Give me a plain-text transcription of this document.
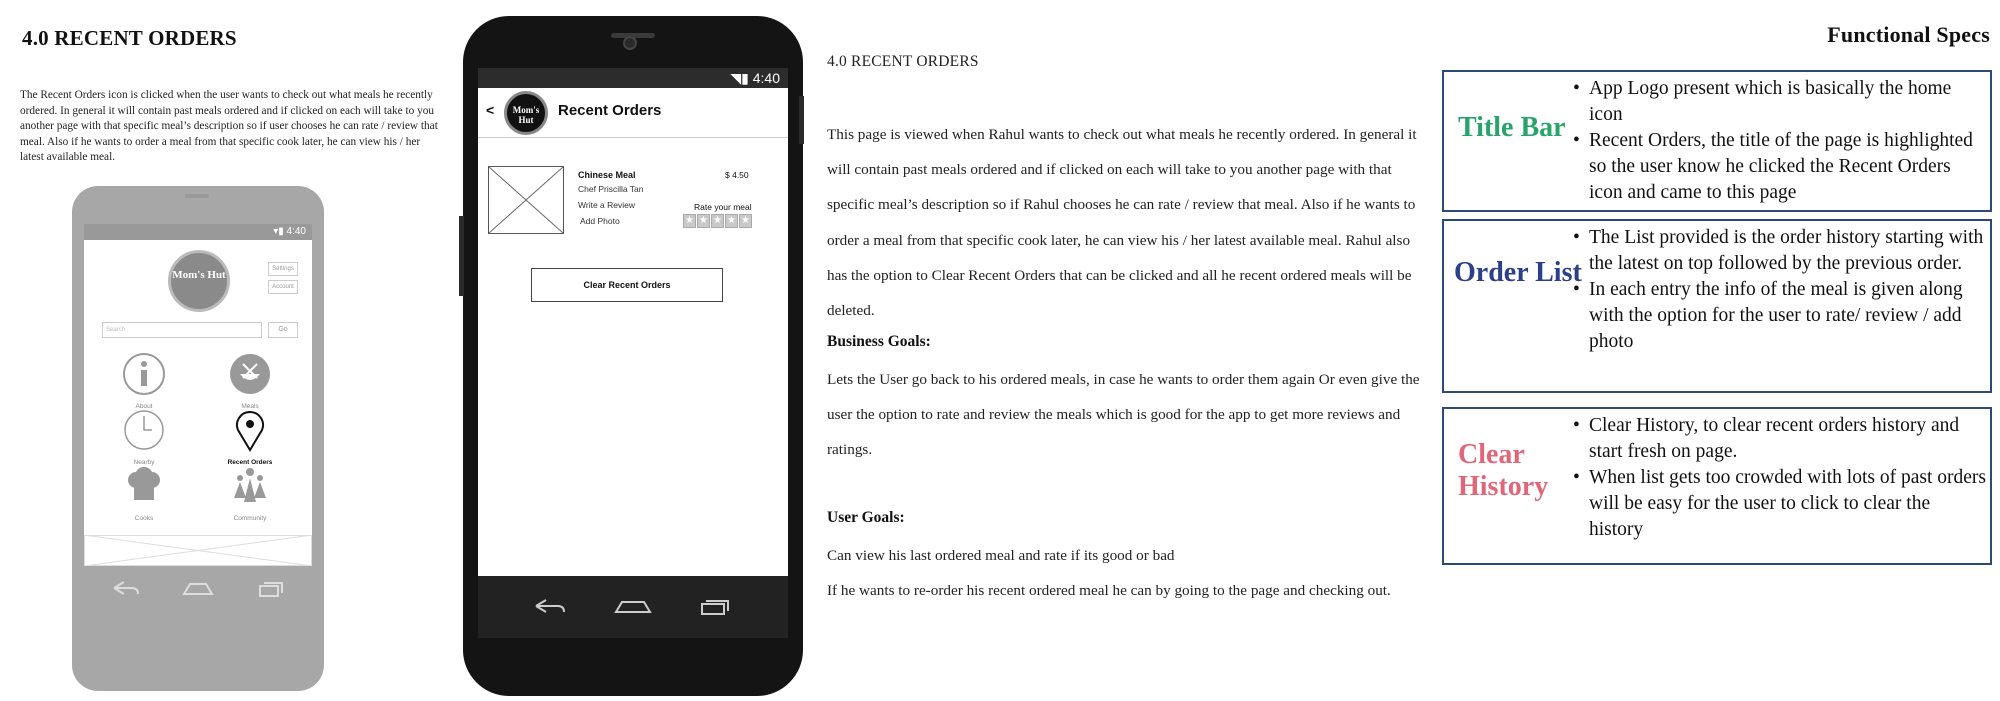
4.0 RECENT ORDERS
The Recent Orders icon is clicked when the user wants to check out what meals he recently ordered. In general it will contain past meals ordered and if clicked on each will take to you another page with that specific meal’s description so if user chooses he can rate / review that meal. Also if he wants to order a meal from that specific cook later, he can view his / her latest available meal.
▾▮ 4:40
Mom's Hut	Settings
Account
Search	Go
About	Meals
Nearby	Recent Orders
Cooks	Community
◥▮ 4:40
<	Mom's Hut
Recent Orders
Chinese Meal
Chef Priscilla Tan
Write a Review
Add Photo
$ 4.50
Rate your meal
★ ★ ★ ★ ★
Clear Recent Orders
4.0 RECENT ORDERS
This page is viewed when Rahul wants to check out what meals he recently ordered. In general it will contain past meals ordered and if clicked on each will take to you another page with that specific meal’s description so if Rahul chooses he can rate / review that meal. Also if he wants to order a meal from that specific cook later, he can view his / her latest available meal. Rahul also has the option to Clear Recent Orders that can be clicked and all he recent ordered meals will be deleted.
Business Goals:
Lets the User go back to his ordered meals, in case he wants to order them again Or even give the user the option to rate and review the meals which is good for the app to get more reviews and ratings.
User Goals:
Can view his last ordered meal and rate if its good or bad
If he wants to re-order his recent ordered meal he can by going to the page and checking out.
Functional Specs
Title Bar
• App Logo present which is basically the home icon
• Recent Orders, the title of the page is highlighted so the user know he clicked the Recent Orders icon and came to this page
Order List
• The List provided is the order history starting with the latest on top followed by the previous order.
• In each entry the info of the meal is given along with the option for the user to rate/ review / add photo
Clear
History
• Clear History, to clear recent orders history and start fresh on page.
• When list gets too crowded with lots of past orders will be easy for the user to click to clear the history
